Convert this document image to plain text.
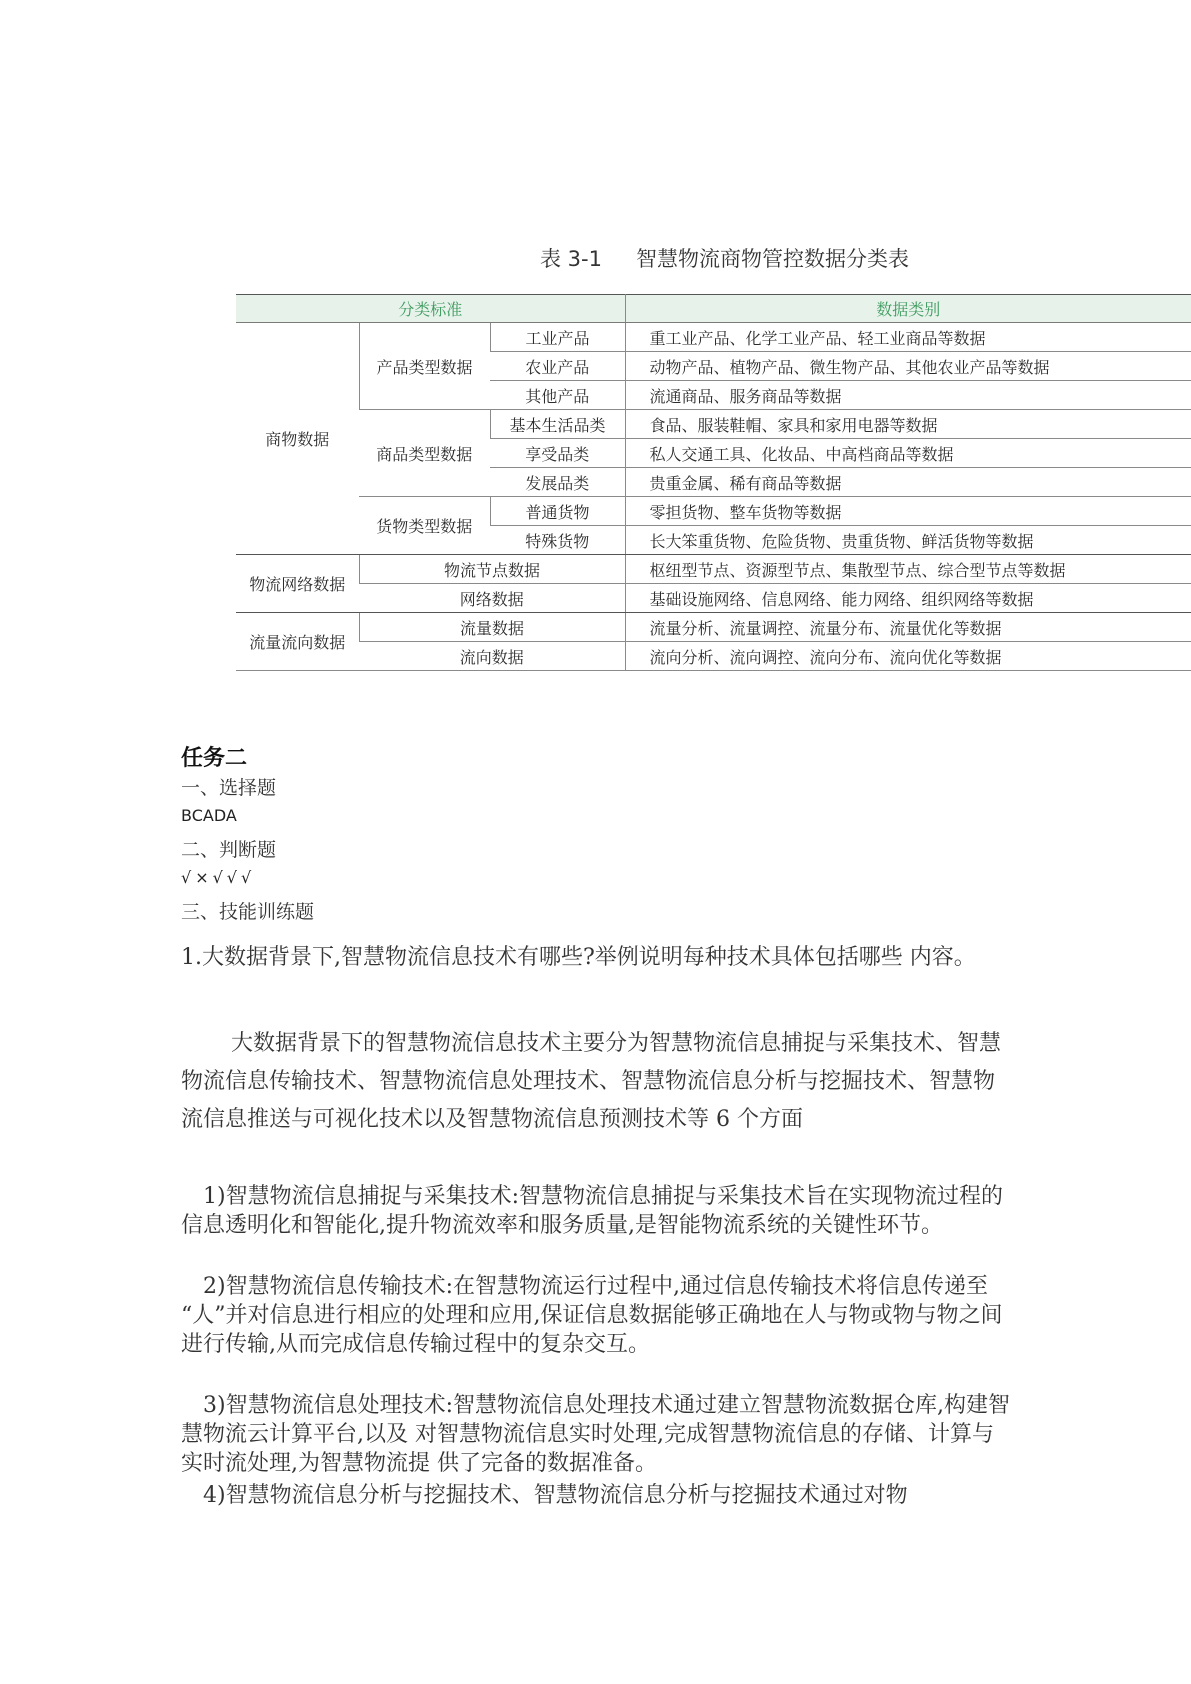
表 3-1 智慧物流商物管控数据分类表
分类标准			数据类别
商物数据	产品类型数据	工业产品	重工业产品、化学工业产品、轻工业商品等数据
		农业产品	动物产品、植物产品、微生物产品、其他农业产品等数据
		其他产品	流通商品、服务商品等数据
	商品类型数据	基本生活品类	食品、服装鞋帽、家具和家用电器等数据
		享受品类	私人交通工具、化妆品、中高档商品等数据
		发展品类	贵重金属、稀有商品等数据
	货物类型数据	普通货物	零担货物、整车货物等数据
		特殊货物	长大笨重货物、危险货物、贵重货物、鲜活货物等数据
物流网络数据	物流节点数据		枢纽型节点、资源型节点、集散型节点、综合型节点等数据
	网络数据		基础设施网络、信息网络、能力网络、组织网络等数据
流量流向数据	流量数据		流量分析、流量调控、流量分布、流量优化等数据
	流向数据		流向分析、流向调控、流向分布、流向优化等数据
任务二
一、选择题
BCADA
二、判断题
√×√√√
三、技能训练题
1.大数据背景下,智慧物流信息技术有哪些?举例说明每种技术具体包括哪些 内容。
大数据背景下的智慧物流信息技术主要分为智慧物流信息捕捉与采集技术、智慧物流信息传输技术、智慧物流信息处理技术、智慧物流信息分析与挖掘技术、智慧物流信息推送与可视化技术以及智慧物流信息预测技术等 6 个方面
1)智慧物流信息捕捉与采集技术:智慧物流信息捕捉与采集技术旨在实现物流过程的信息透明化和智能化,提升物流效率和服务质量,是智能物流系统的关键性环节。
2)智慧物流信息传输技术:在智慧物流运行过程中,通过信息传输技术将信息传递至 “人”并对信息进行相应的处理和应用,保证信息数据能够正确地在人与物或物与物之间 进行传输,从而完成信息传输过程中的复杂交互。
3)智慧物流信息处理技术:智慧物流信息处理技术通过建立智慧物流数据仓库,构建智慧物流云计算平台,以及 对智慧物流信息实时处理,完成智慧物流信息的存储、计算与实时流处理,为智慧物流提 供了完备的数据准备。
4)智慧物流信息分析与挖掘技术、智慧物流信息分析与挖掘技术通过对物
